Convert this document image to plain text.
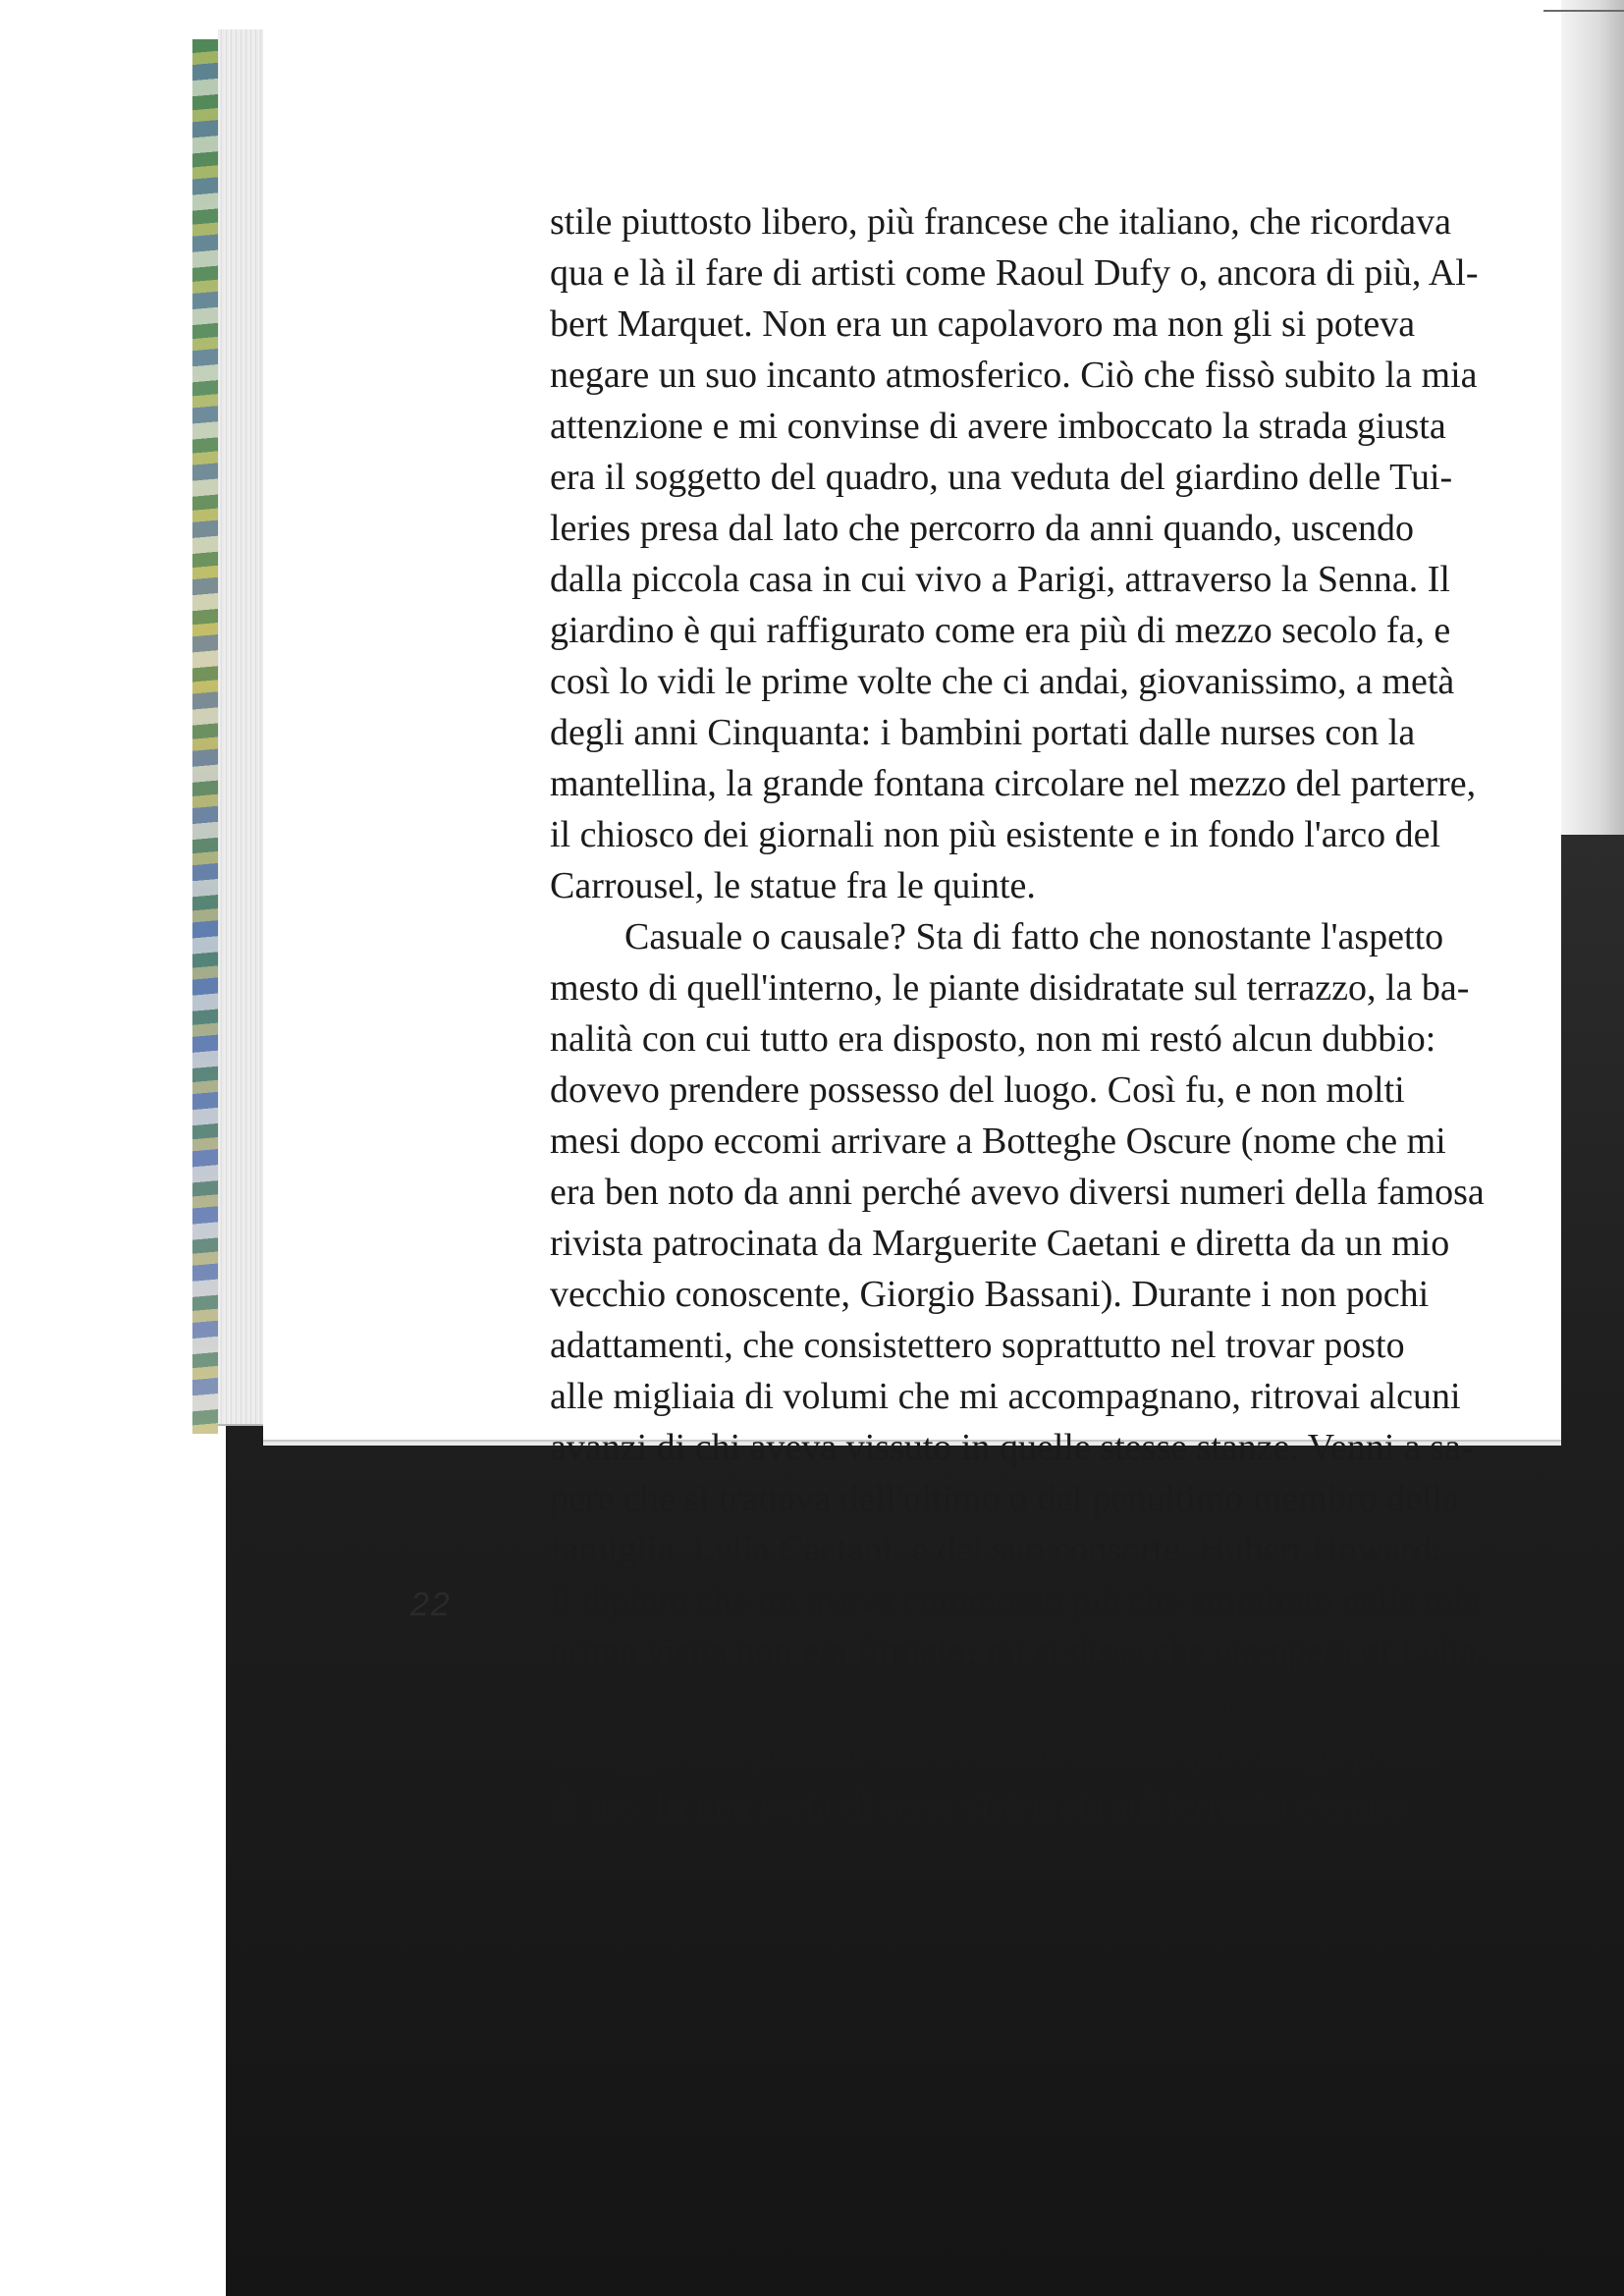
stile piuttosto libero, più francese che italiano, che ricordava
qua e là il fare di artisti come Raoul Dufy o, ancora di più, Al-
bert Marquet. Non era un capolavoro ma non gli si poteva
negare un suo incanto atmosferico. Ciò che fissò subito la mia
attenzione e mi convinse di avere imboccato la strada giusta
era il soggetto del quadro, una veduta del giardino delle Tui-
leries presa dal lato che percorro da anni quando, uscendo
dalla piccola casa in cui vivo a Parigi, attraverso la Senna. Il
giardino è qui raffigurato come era più di mezzo secolo fa, e
così lo vidi le prime volte che ci andai, giovanissimo, a metà
degli anni Cinquanta: i bambini portati dalle nurses con la
mantellina, la grande fontana circolare nel mezzo del parterre,
il chiosco dei giornali non più esistente e in fondo l'arco del
Carrousel, le statue fra le quinte.
Casuale o causale? Sta di fatto che nonostante l'aspetto
mesto di quell'interno, le piante disidratate sul terrazzo, la ba-
nalità con cui tutto era disposto, non mi restó alcun dubbio:
dovevo prendere possesso del luogo. Così fu, e non molti
mesi dopo eccomi arrivare a Botteghe Oscure (nome che mi
era ben noto da anni perché avevo diversi numeri della famosa
rivista patrocinata da Marguerite Caetani e diretta da un mio
vecchio conoscente, Giorgio Bassani). Durante i non pochi
adattamenti, che consistettero soprattutto nel trovar posto
alle migliaia di volumi che mi accompagnano, ritrovai alcuni
avanzi di chi aveva vissuto in quelle stesse stanze. Venni a sa-
pere che si trattava dell'ultimo o del penultimo membro della
famiglia, Lelia Caetani, e del suo consorte, Hubert Howard.
Il dipinto che mi aveva commosso più che ammirato nella mia
prima visita non era firmato; mi si disse che era opera di Lelia.
Chiesi di tenerlo in casa come talismano, o, meglio, come
omaggio alle persone che avevano abitato quel luogo prima
di me. In una sorta di serra sistemata sul terrazzo c'erano
22
